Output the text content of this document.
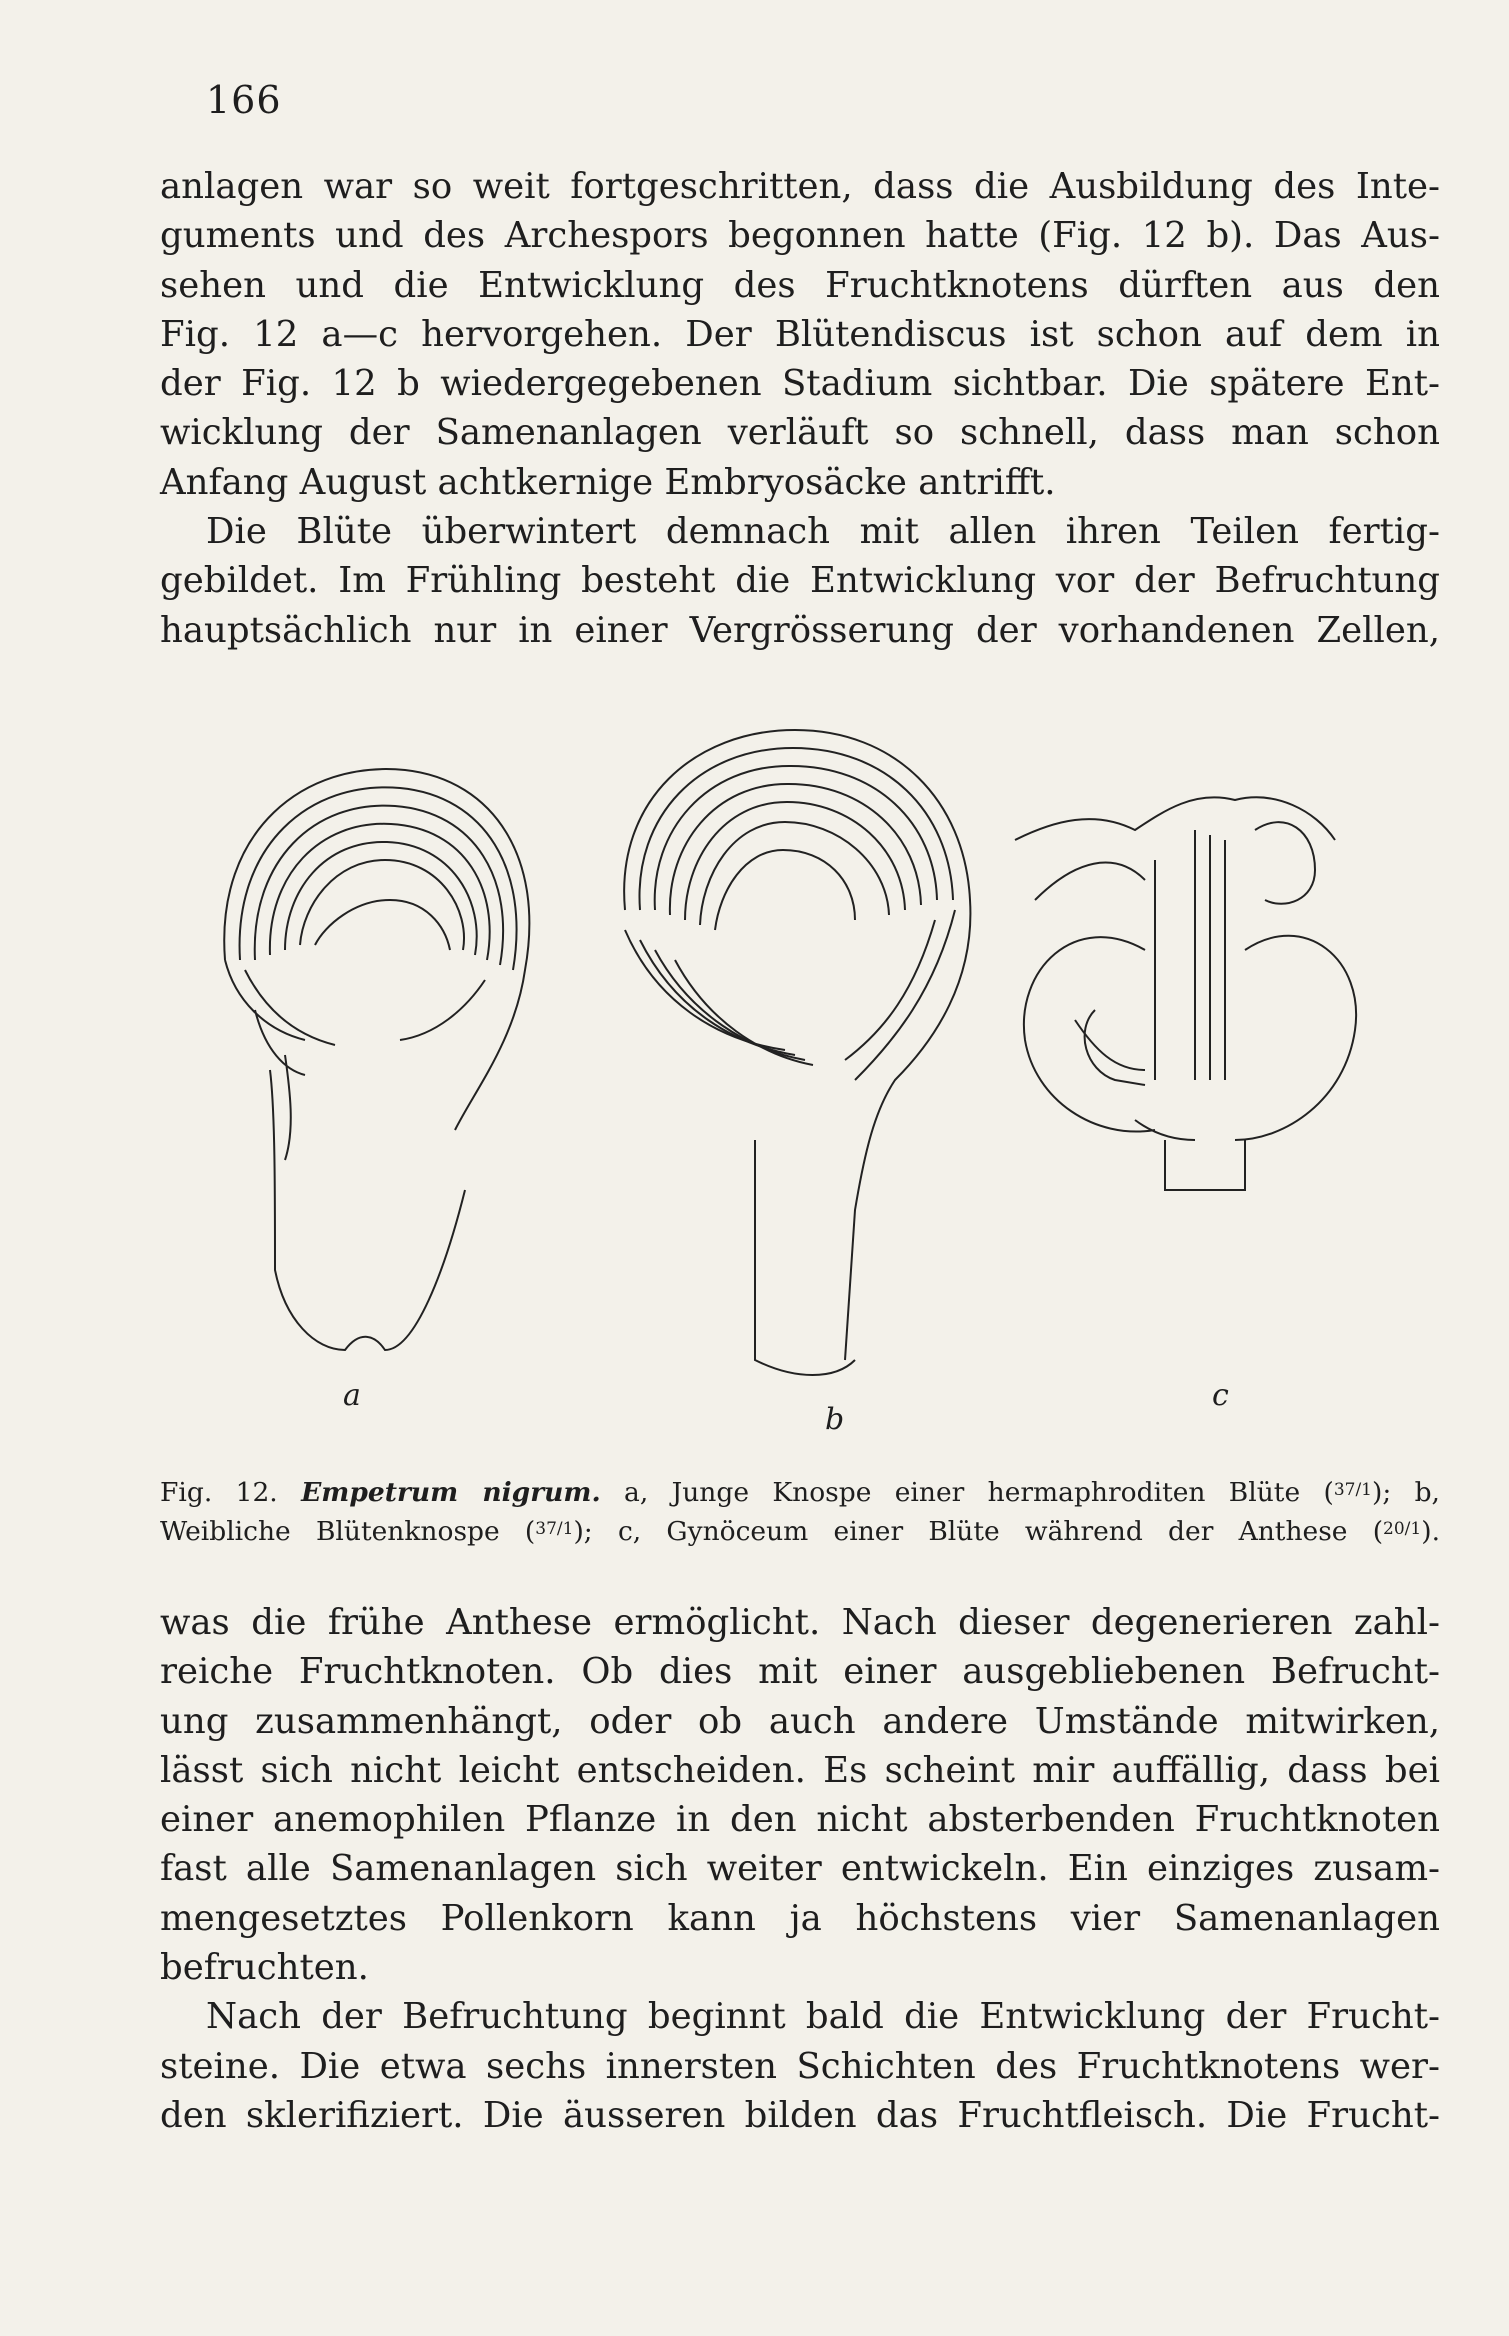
166
anlagen war so weit fortgeschritten, dass die Ausbildung des Inte-
guments und des Archespors begonnen hatte (Fig. 12 b). Das Aus-
sehen und die Entwicklung des Fruchtknotens dürften aus den
Fig. 12 a—c hervorgehen. Der Blütendiscus ist schon auf dem in
der Fig. 12 b wiedergegebenen Stadium sichtbar. Die spätere Ent-
wicklung der Samenanlagen verläuft so schnell, dass man schon
Anfang August achtkernige Embryosäcke antrifft.
Die Blüte überwintert demnach mit allen ihren Teilen fertig-
gebildet. Im Frühling besteht die Entwicklung vor der Befruchtung
hauptsächlich nur in einer Vergrösserung der vorhandenen Zellen,
a
b
c
Fig. 12. Empetrum nigrum. a, Junge Knospe einer hermaphroditen Blüte ($^{37/1}$); b,
Weibliche Blütenknospe ($^{37/1}$); c, Gynöceum einer Blüte während der Anthese ($^{20/1}$).
was die frühe Anthese ermöglicht. Nach dieser degenerieren zahl-
reiche Fruchtknoten. Ob dies mit einer ausgebliebenen Befrucht-
ung zusammenhängt, oder ob auch andere Umstände mitwirken,
lässt sich nicht leicht entscheiden. Es scheint mir auffällig, dass bei
einer anemophilen Pflanze in den nicht absterbenden Fruchtknoten
fast alle Samenanlagen sich weiter entwickeln. Ein einziges zusam-
mengesetztes Pollenkorn kann ja höchstens vier Samenanlagen
befruchten.
Nach der Befruchtung beginnt bald die Entwicklung der Frucht-
steine. Die etwa sechs innersten Schichten des Fruchtknotens wer-
den sklerifiziert. Die äusseren bilden das Fruchtfleisch. Die Frucht-
